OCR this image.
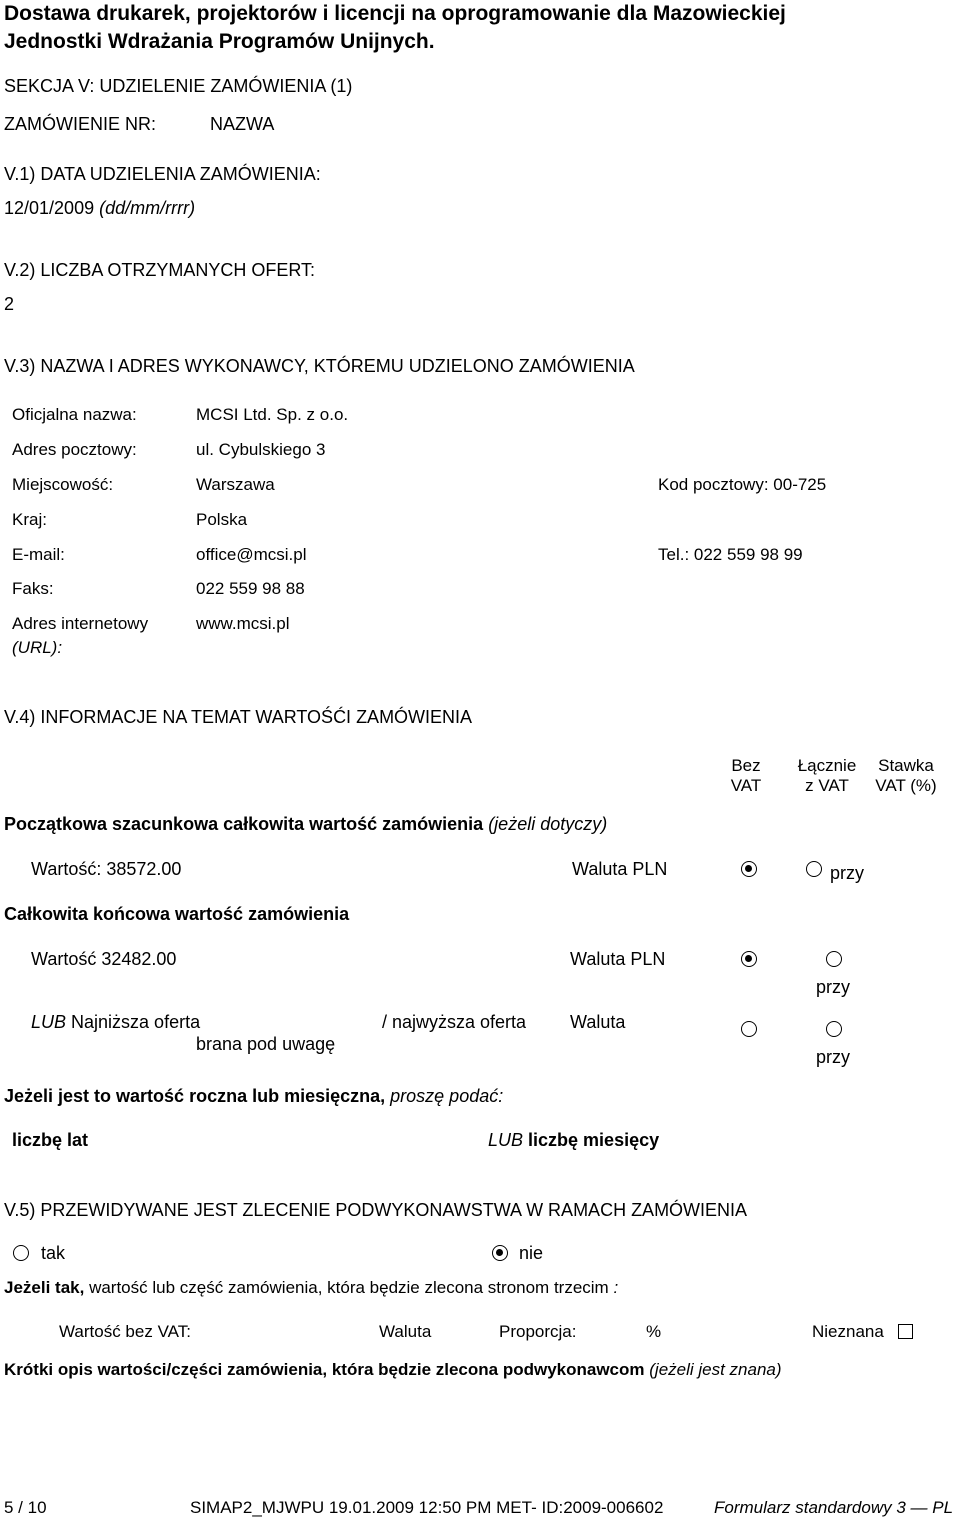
Dostawa drukarek, projektorów i licencji na oprogramowanie dla Mazowieckiej
Jednostki Wdrażania Programów Unijnych.
SEKCJA V: UDZIELENIE ZAMÓWIENIA (1)
ZAMÓWIENIE NR:	NAZWA
V.1) DATA UDZIELENIA ZAMÓWIENIA:
12/01/2009 (dd/mm/rrrr)
V.2) LICZBA OTRZYMANYCH OFERT:
2
V.3) NAZWA I ADRES WYKONAWCY, KTÓREMU UDZIELONO ZAMÓWIENIA
Oficjalna nazwa:	MCSI Ltd. Sp. z o.o.
Adres pocztowy:	ul. Cybulskiego 3
Miejscowość:	Warszawa	Kod pocztowy: 00-725
Kraj:	Polska
E-mail:	office@mcsi.pl	Tel.: 022 559 98 99
Faks:	022 559 98 88
Adres internetowy
(URL):
www.mcsi.pl
V.4) INFORMACJE NA TEMAT WARTOŚĆI ZAMÓWIENIA
Bez
VAT
Łącznie
z VAT
Stawka
VAT (%)
Początkowa szacunkowa całkowita wartość zamówienia (jeżeli dotyczy)
Wartość: 38572.00	Waluta PLN	przy
Całkowita końcowa wartość zamówienia
Wartość 32482.00	Waluta PLN
przy
LUB Najniższa oferta
brana pod uwagę
/ najwyższa oferta Waluta
przy
Jeżeli jest to wartość roczna lub miesięczna, proszę podać:
liczbę lat	LUB liczbę miesięcy
V.5) PRZEWIDYWANE JEST ZLECENIE PODWYKONAWSTWA W RAMACH ZAMÓWIENIA
tak	nie
Jeżeli tak, wartość lub część zamówienia, która będzie zlecona stronom trzecim :
Wartość bez VAT:	Waluta	Proporcja:	%	Nieznana
Krótki opis wartości/części zamówienia, która będzie zlecona podwykonawcom (jeżeli jest znana)
5 / 10	SIMAP2_MJWPU 19.01.2009 12:50 PM MET- ID:2009-006602	Formularz standardowy 3 — PL
